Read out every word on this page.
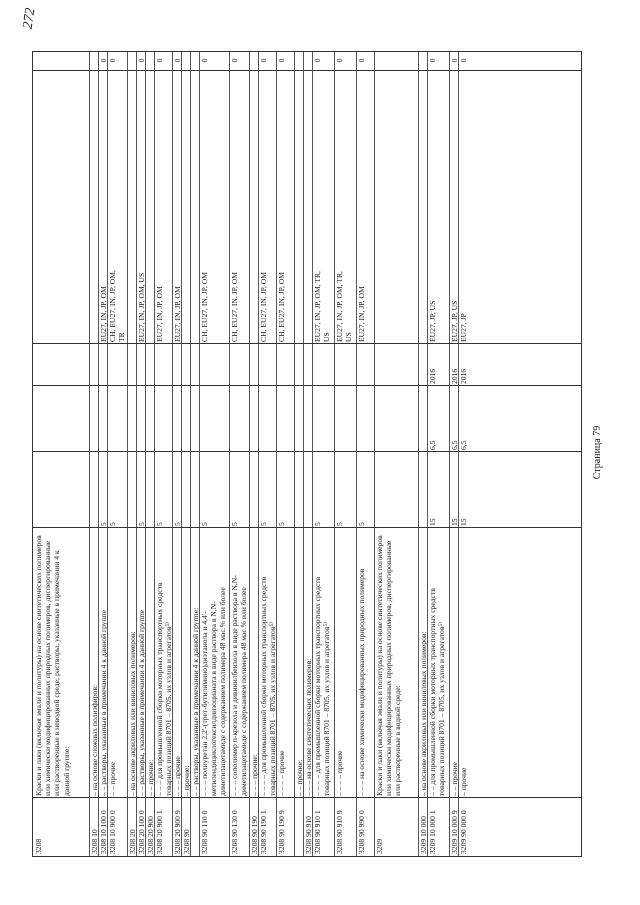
3208
Краски и лаки (включая эмали и политуры) на основе синтетических полимеров или химически модифицированных природных полимеров, диспергированные или растворенные в неводной среде; растворы, указанные в примечании 4 к данной группе:
3208 10
– на основе сложных полиэфиров:
3208 10 100 0
– – растворы, указанные в примечании 4 к данной группе
5
EU27, IN, JP, OM
0
3208 10 900 0
– – прочие
5
CH, EU27, IN, JP, OM,
TR
0
3208 20
– на основе акриловых или виниловых полимеров:
3208 20 100 0
– – растворы, указанные в примечании 4 к данной группе
5
EU27, IN, JP, OM, US
0
3208 20 900
– – прочие:
3208 20 900 1
– – – для промышленной сборки моторных транспортных средств
товарных позиций 8701 – 8705, их узлов и агрегатов⁵⁾
5
EU27, IN, JP, OM
0
3208 20 900 9
– – – прочие
5
EU27, IN, JP, OM
0
3208 90
– прочие: – – растворы, указанные в примечании 4 к данной группе:
3208 90 110 0
– – – полиуретан 2,2'-(трет-бутилимино)диэтанола и 4,4'-
метилендициклогексилдиизоцианата в виде раствора в N,N-
диметилацетамиде с содержанием полимера 48 мас.% или более
5
CH, EU27, IN, JP, OM
0
3208 90 130 0
– – – сополимер п-крезола и дивинилбензола в виде раствора в N,N-
диметилацетамиде с содержанием полимера 48 мас.% или более
5
CH, EU27, IN, JP, OM
0
3208 90 190
– – – прочие:
3208 90 190 1
– – – – для промышленной сборки моторных транспортных средств
товарных позиций 8701 – 8705, их узлов и агрегатов⁵⁾
5
CH, EU27, IN, JP, OM
0
3208 90 190 9
– – – – прочие
5
CH, EU27, IN, JP, OM
0
– – прочие:
3208 90 910
– – – на основе синтетических полимеров:
3208 90 910 1
– – – – для промышленной сборки моторных транспортных средств
товарных позиций 8701 – 8705, их узлов и агрегатов⁵⁾
5
EU27, IN, JP, OM, TR,
US
0
3208 90 910 9
– – – – прочие
5
EU27, IN, JP, OM, TR,
US
0
3208 90 990 0
– – – на основе химически модифицированных природных полимеров
5
EU27, IN, JP, OM
0
3209
Краски и лаки (включая эмали и политуры) на основе синтетических полимеров или химически модифицированных природных полимеров, диспергированные или растворенные в водной среде:
3209 10 000
– на основе акриловых или виниловых полимеров:
3209 10 000 1
– – для промышленной сборки моторных транспортных средств
товарных позиций 8701 – 8705, их узлов и агрегатов⁵⁾
15
6,5
2016
EU27, JP, US
0
3209 10 000 9
– – прочие
15
6,5
2016
EU27, JP, US
0
3209 90 000 0
– прочие
15
6,5
2016
EU27, JP
0
Страница 79
272
